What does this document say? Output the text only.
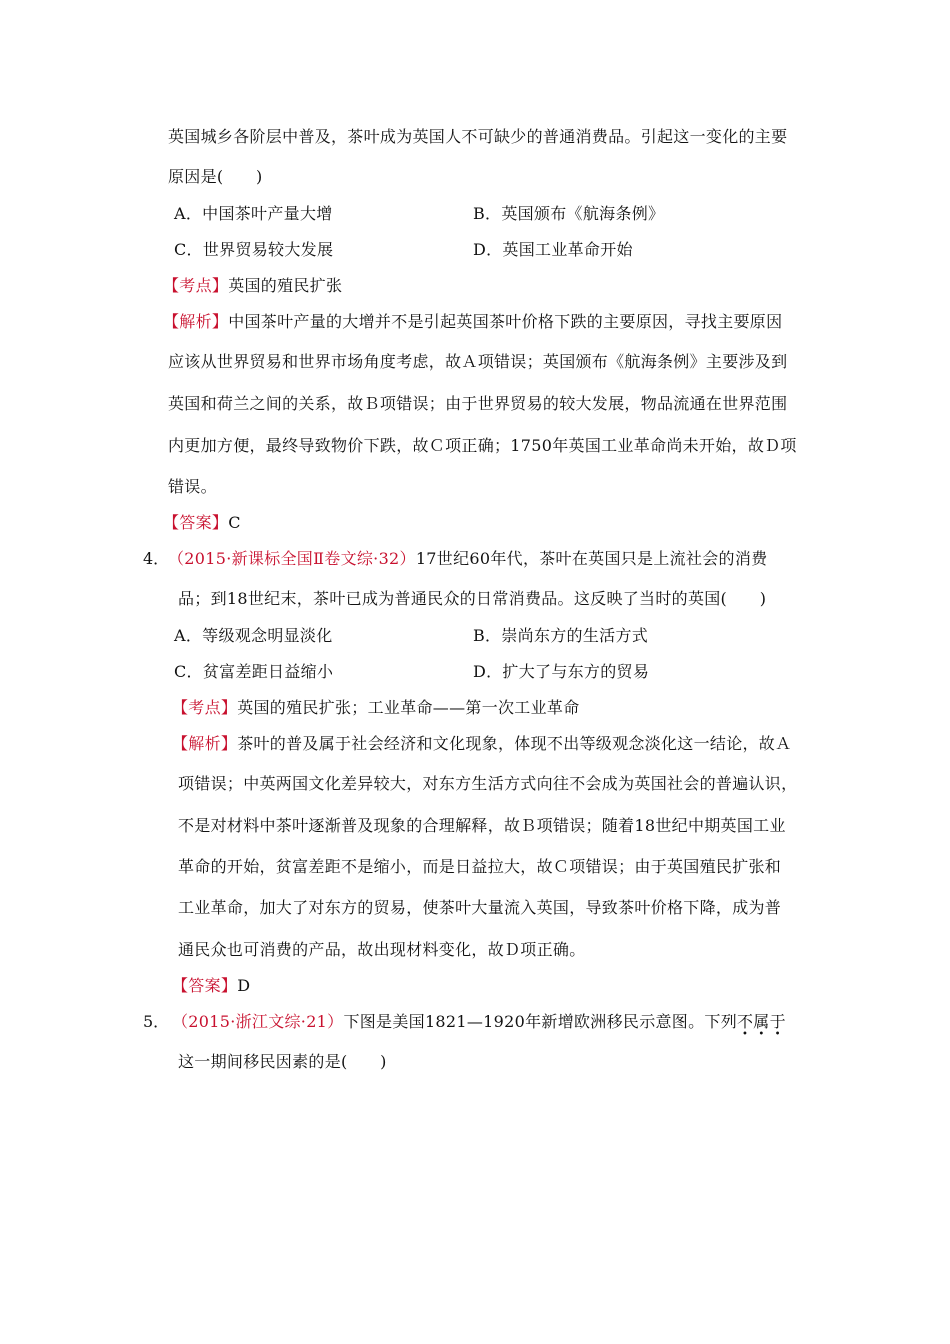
英国城乡各阶层中普及，茶叶成为英国人不可缺少的普通消费品。引起这一变化的主要
原因是(　　)
A．中国茶叶产量大增	B．英国颁布《航海条例》
C．世界贸易较大发展	D．英国工业革命开始
【考点】英国的殖民扩张
【解析】中国茶叶产量的大增并不是引起英国茶叶价格下跌的主要原因，寻找主要原因
应该从世界贸易和世界市场角度考虑，故Ａ项错误；英国颁布《航海条例》主要涉及到
英国和荷兰之间的关系，故Ｂ项错误；由于世界贸易的较大发展，物品流通在世界范围
内更加方便，最终导致物价下跌，故Ｃ项正确；1750年英国工业革命尚未开始，故Ｄ项
错误。
【答案】C
4．
（2015·新课标全国Ⅱ卷文综·32）17世纪60年代，茶叶在英国只是上流社会的消费
品；到18世纪末，茶叶已成为普通民众的日常消费品。这反映了当时的英国(　　)
A．等级观念明显淡化	B．崇尚东方的生活方式
C．贫富差距日益缩小	D．扩大了与东方的贸易
【考点】英国的殖民扩张；工业革命——第一次工业革命
【解析】茶叶的普及属于社会经济和文化现象，体现不出等级观念淡化这一结论，故Ａ
项错误；中英两国文化差异较大，对东方生活方式向往不会成为英国社会的普遍认识，
不是对材料中茶叶逐渐普及现象的合理解释，故Ｂ项错误；随着18世纪中期英国工业
革命的开始，贫富差距不是缩小，而是日益拉大，故Ｃ项错误；由于英国殖民扩张和
工业革命，加大了对东方的贸易，使茶叶大量流入英国，导致茶叶价格下降，成为普
通民众也可消费的产品，故出现材料变化，故Ｄ项正确。
【答案】D
5． （2015·浙江文综·21）下图是美国1821—1920年新增欧洲移民示意图。下列不属于
• • •
这一期间移民因素的是(　　)
